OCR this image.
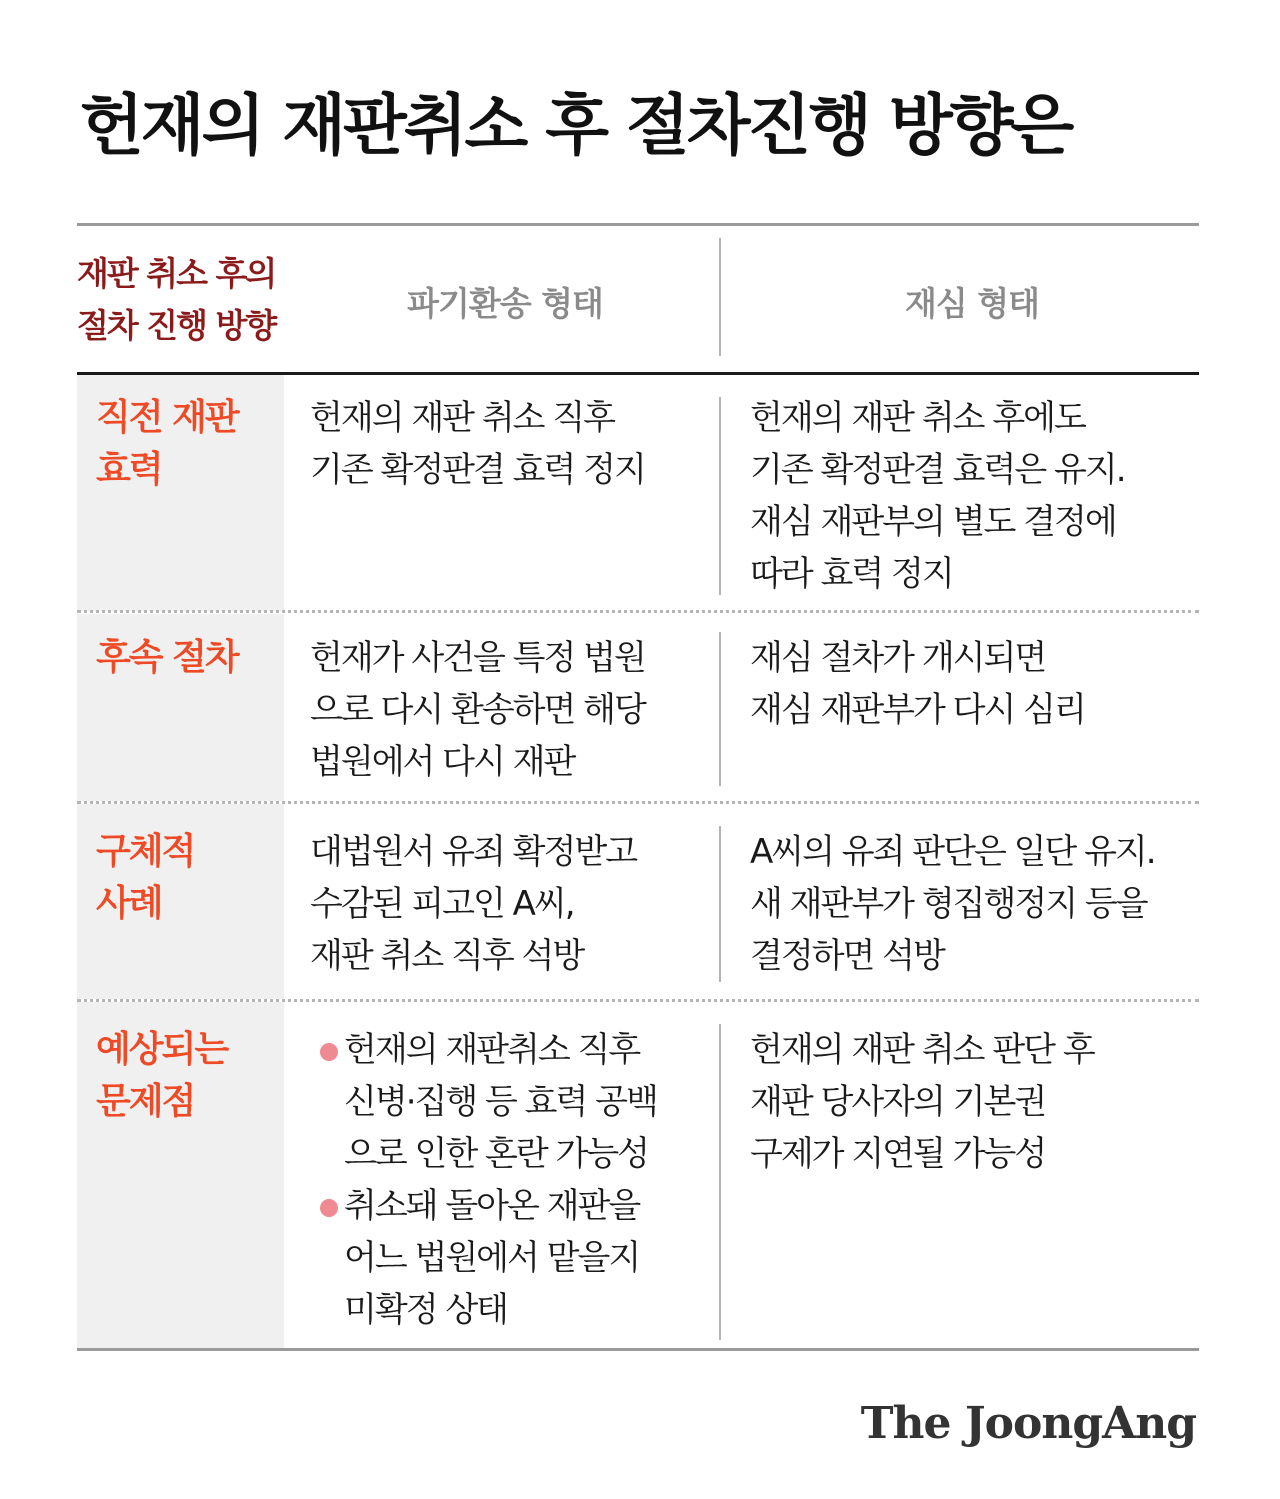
헌재의 재판취소 후 절차진행 방향은
재판 취소 후의
절차 진행 방향
파기환송 형태	재심 형태
직전 재판
효력
헌재의 재판 취소 직후
기존 확정판결 효력 정지
헌재의 재판 취소 후에도
기존 확정판결 효력은 유지.
재심 재판부의 별도 결정에
따라 효력 정지
후속 절차 헌재가 사건을 특정 법원
으로 다시 환송하면 해당
법원에서 다시 재판
재심 절차가 개시되면
재심 재판부가 다시 심리
구체적
사례
대법원서 유죄 확정받고
수감된 피고인 A씨,
재판 취소 직후 석방
A씨의 유죄 판단은 일단 유지.
새 재판부가 형집행정지 등을
결정하면 석방
예상되는
문제점
헌재의 재판취소 직후
신병·집행 등 효력 공백
으로 인한 혼란 가능성
취소돼 돌아온 재판을
어느 법원에서 맡을지
미확정 상태
헌재의 재판 취소 판단 후
재판 당사자의 기본권
구제가 지연될 가능성
The JoongAng
